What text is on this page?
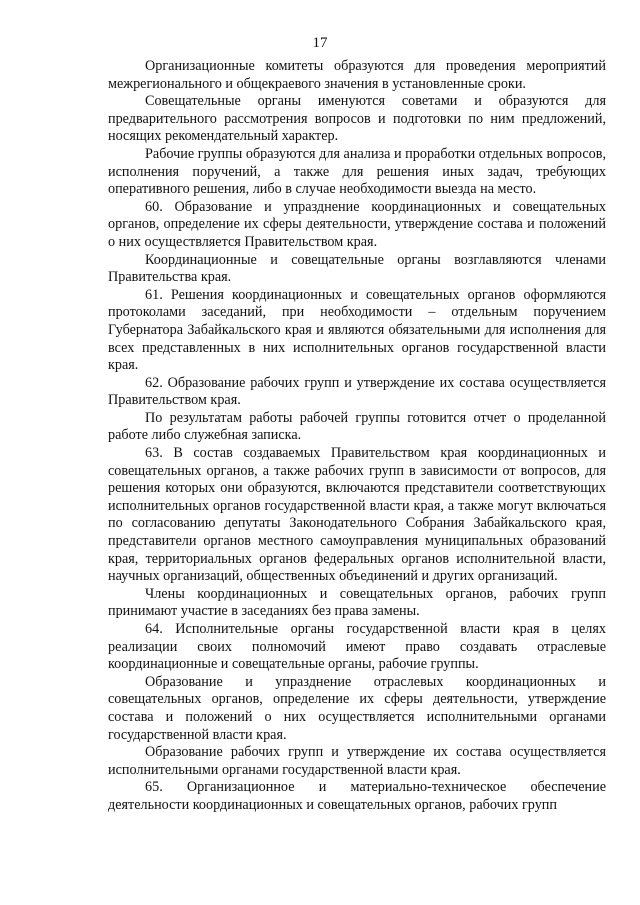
17

Организационные комитеты образуются для проведения мероприятий межрегионального и общекраевого значения в установленные сроки.

Совещательные органы именуются советами и образуются для предварительного рассмотрения вопросов и подготовки по ним предложений, носящих рекомендательный характер.

Рабочие группы образуются для анализа и проработки отдельных вопросов, исполнения поручений, а также для решения иных задач, требующих оперативного решения, либо в случае необходимости выезда на место.

60. Образование и упразднение координационных и совещательных органов, определение их сферы деятельности, утверждение состава и положений о них осуществляется Правительством края.

Координационные и совещательные органы возглавляются членами Правительства края.

61. Решения координационных и совещательных органов оформляются протоколами заседаний, при необходимости – отдельным поручением Губернатора Забайкальского края и являются обязательными для исполнения для всех представленных в них исполнительных органов государственной власти края.

62. Образование рабочих групп и утверждение их состава осуществляется Правительством края.

По результатам работы рабочей группы готовится отчет о проделанной работе либо служебная записка.

63. В состав создаваемых Правительством края координационных и совещательных органов, а также рабочих групп в зависимости от вопросов, для решения которых они образуются, включаются представители соответствующих исполнительных органов государственной власти края, а также могут включаться по согласованию депутаты Законодательного Собрания Забайкальского края, представители органов местного самоуправления муниципальных образований края, территориальных органов федеральных органов исполнительной власти, научных организаций, общественных объединений и других организаций.

Члены координационных и совещательных органов, рабочих групп принимают участие в заседаниях без права замены.

64. Исполнительные органы государственной власти края в целях реализации своих полномочий имеют право создавать отраслевые координационные и совещательные органы, рабочие группы.

Образование и упразднение отраслевых координационных и совещательных органов, определение их сферы деятельности, утверждение состава и положений о них осуществляется исполнительными органами государственной власти края.

Образование рабочих групп и утверждение их состава осуществляется исполнительными органами государственной власти края.

65. Организационное и материально-техническое обеспечение деятельности координационных и совещательных органов, рабочих групп
